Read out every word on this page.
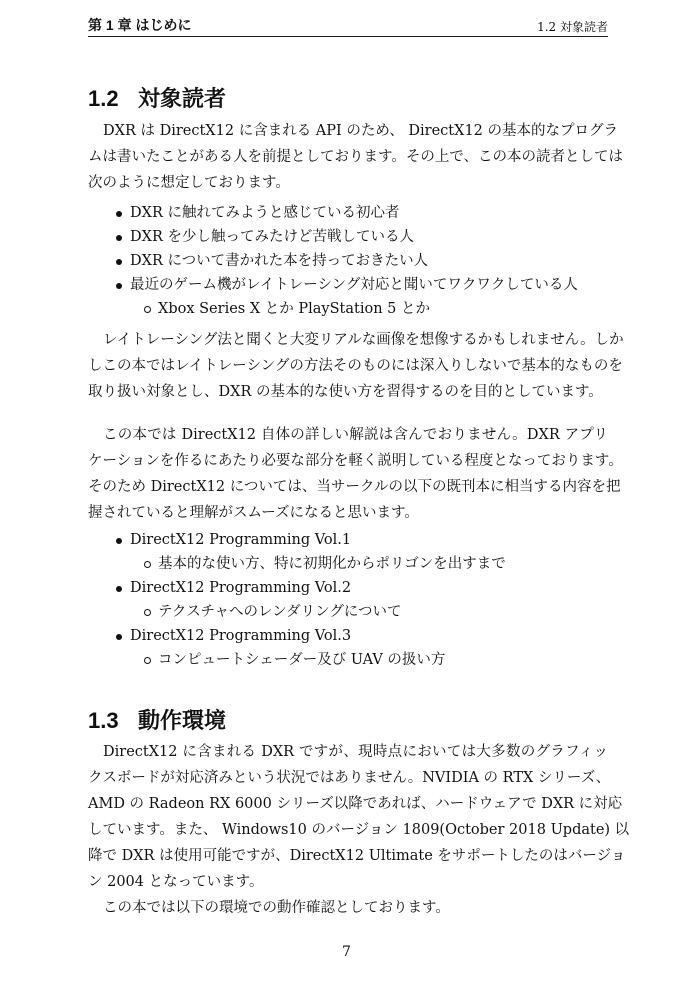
第 1 章 はじめに	1.2 対象読者
1.2 対象読者
DXR は DirectX12 に含まれる API のため、 DirectX12 の基本的なプログラ
ムは書いたことがある人を前提としております。その上で、この本の読者としては
次のように想定しております。
DXR に触れてみようと感じている初心者
DXR を少し触ってみたけど苦戦している人
DXR について書かれた本を持っておきたい人
最近のゲーム機がレイトレーシング対応と聞いてワクワクしている人
Xbox Series X とか PlayStation 5 とか
レイトレーシング法と聞くと大変リアルな画像を想像するかもしれません。しか
しこの本ではレイトレーシングの方法そのものには深入りしないで基本的なものを
取り扱い対象とし、DXR の基本的な使い方を習得するのを目的としています。
この本では DirectX12 自体の詳しい解説は含んでおりません。DXR アプリ
ケーションを作るにあたり必要な部分を軽く説明している程度となっております。
そのため DirectX12 については、当サークルの以下の既刊本に相当する内容を把
握されていると理解がスムーズになると思います。
DirectX12 Programming Vol.1
基本的な使い方、特に初期化からポリゴンを出すまで
DirectX12 Programming Vol.2
テクスチャへのレンダリングについて
DirectX12 Programming Vol.3
コンピュートシェーダー及び UAV の扱い方
1.3 動作環境
DirectX12 に含まれる DXR ですが、現時点においては大多数のグラフィッ
クスボードが対応済みという状況ではありません。NVIDIA の RTX シリーズ、
AMD の Radeon RX 6000 シリーズ以降であれば、ハードウェアで DXR に対応
しています。また、 Windows10 のバージョン 1809(October 2018 Update) 以
降で DXR は使用可能ですが、DirectX12 Ultimate をサポートしたのはバージョ
ン 2004 となっています。
この本では以下の環境での動作確認としております。
7
